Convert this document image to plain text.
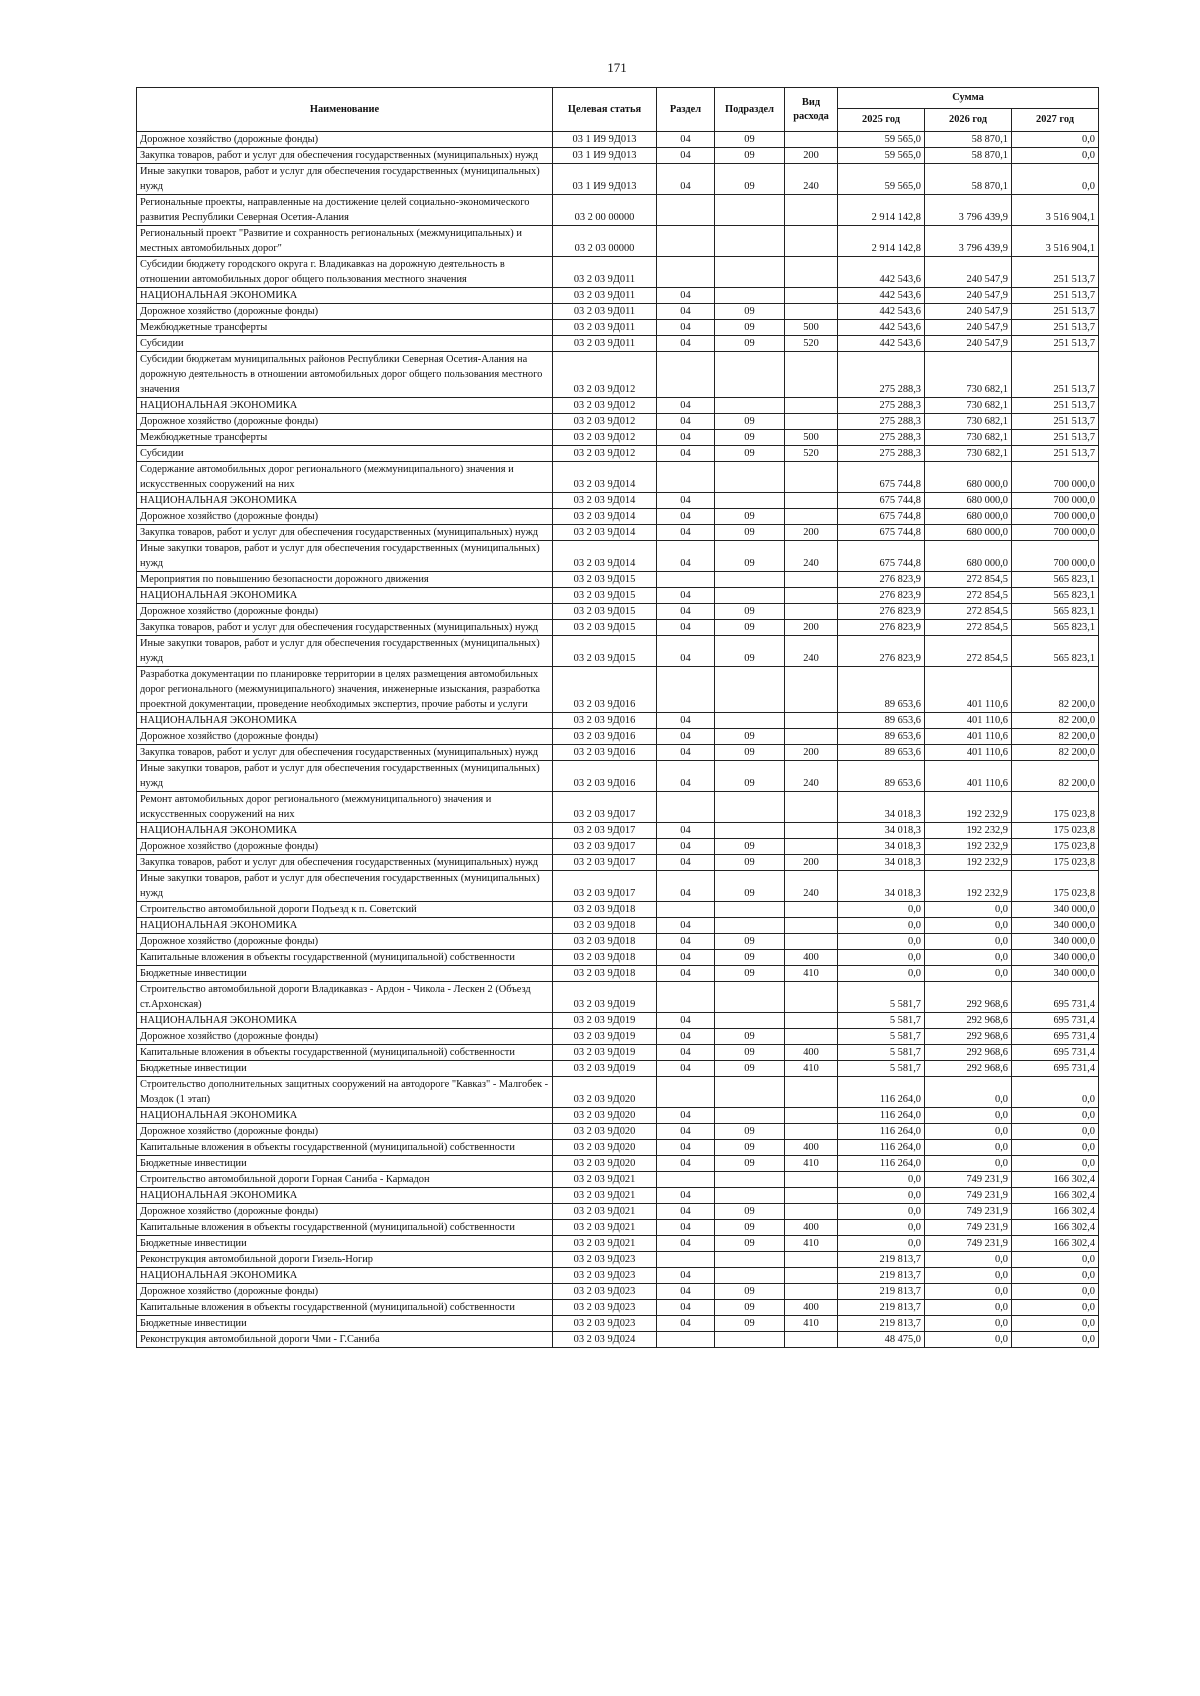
171
Наименование	Целевая статья	Раздел	Подраздел	Вид расхода	Сумма		
					2025 год	2026 год	2027 год
Дорожное хозяйство (дорожные фонды)	03 1 И9 9Д013	04	09		59 565,0	58 870,1	0,0
Закупка товаров, работ и услуг для обеспечения государственных (муниципальных) нужд	03 1 И9 9Д013	04	09	200	59 565,0	58 870,1	0,0
Иные закупки товаров, работ и услуг для обеспечения государственных (муниципальных) нужд	03 1 И9 9Д013	04	09	240	59 565,0	58 870,1	0,0
Региональные проекты, направленные на достижение целей социально-экономического развития Республики Северная Осетия-Алания	03 2 00 00000				2 914 142,8	3 796 439,9	3 516 904,1
Региональный проект "Развитие и сохранность региональных (межмуниципальных) и местных автомобильных дорог"	03 2 03 00000				2 914 142,8	3 796 439,9	3 516 904,1
Субсидии бюджету городского округа г. Владикавказ на дорожную деятельность в отношении автомобильных дорог общего пользования местного значения	03 2 03 9Д011				442 543,6	240 547,9	251 513,7
НАЦИОНАЛЬНАЯ ЭКОНОМИКА	03 2 03 9Д011	04			442 543,6	240 547,9	251 513,7
Дорожное хозяйство (дорожные фонды)	03 2 03 9Д011	04	09		442 543,6	240 547,9	251 513,7
Межбюджетные трансферты	03 2 03 9Д011	04	09	500	442 543,6	240 547,9	251 513,7
Субсидии	03 2 03 9Д011	04	09	520	442 543,6	240 547,9	251 513,7
Субсидии бюджетам муниципальных районов Республики Северная Осетия-Алания на дорожную деятельность в отношении автомобильных дорог общего пользования местного значения	03 2 03 9Д012				275 288,3	730 682,1	251 513,7
НАЦИОНАЛЬНАЯ ЭКОНОМИКА	03 2 03 9Д012	04			275 288,3	730 682,1	251 513,7
Дорожное хозяйство (дорожные фонды)	03 2 03 9Д012	04	09		275 288,3	730 682,1	251 513,7
Межбюджетные трансферты	03 2 03 9Д012	04	09	500	275 288,3	730 682,1	251 513,7
Субсидии	03 2 03 9Д012	04	09	520	275 288,3	730 682,1	251 513,7
Содержание автомобильных дорог регионального (межмуниципального) значения и искусственных сооружений на них	03 2 03 9Д014				675 744,8	680 000,0	700 000,0
НАЦИОНАЛЬНАЯ ЭКОНОМИКА	03 2 03 9Д014	04			675 744,8	680 000,0	700 000,0
Дорожное хозяйство (дорожные фонды)	03 2 03 9Д014	04	09		675 744,8	680 000,0	700 000,0
Закупка товаров, работ и услуг для обеспечения государственных (муниципальных) нужд	03 2 03 9Д014	04	09	200	675 744,8	680 000,0	700 000,0
Иные закупки товаров, работ и услуг для обеспечения государственных (муниципальных) нужд	03 2 03 9Д014	04	09	240	675 744,8	680 000,0	700 000,0
Мероприятия по повышению безопасности дорожного движения	03 2 03 9Д015				276 823,9	272 854,5	565 823,1
НАЦИОНАЛЬНАЯ ЭКОНОМИКА	03 2 03 9Д015	04			276 823,9	272 854,5	565 823,1
Дорожное хозяйство (дорожные фонды)	03 2 03 9Д015	04	09		276 823,9	272 854,5	565 823,1
Закупка товаров, работ и услуг для обеспечения государственных (муниципальных) нужд	03 2 03 9Д015	04	09	200	276 823,9	272 854,5	565 823,1
Иные закупки товаров, работ и услуг для обеспечения государственных (муниципальных) нужд	03 2 03 9Д015	04	09	240	276 823,9	272 854,5	565 823,1
Разработка документации по планировке территории в целях размещения автомобильных дорог регионального (межмуниципального) значения, инженерные изыскания, разработка проектной документации, проведение необходимых экспертиз, прочие работы и услуги	03 2 03 9Д016				89 653,6	401 110,6	82 200,0
НАЦИОНАЛЬНАЯ ЭКОНОМИКА	03 2 03 9Д016	04			89 653,6	401 110,6	82 200,0
Дорожное хозяйство (дорожные фонды)	03 2 03 9Д016	04	09		89 653,6	401 110,6	82 200,0
Закупка товаров, работ и услуг для обеспечения государственных (муниципальных) нужд	03 2 03 9Д016	04	09	200	89 653,6	401 110,6	82 200,0
Иные закупки товаров, работ и услуг для обеспечения государственных (муниципальных) нужд	03 2 03 9Д016	04	09	240	89 653,6	401 110,6	82 200,0
Ремонт автомобильных дорог регионального (межмуниципального) значения и искусственных сооружений на них	03 2 03 9Д017				34 018,3	192 232,9	175 023,8
НАЦИОНАЛЬНАЯ ЭКОНОМИКА	03 2 03 9Д017	04			34 018,3	192 232,9	175 023,8
Дорожное хозяйство (дорожные фонды)	03 2 03 9Д017	04	09		34 018,3	192 232,9	175 023,8
Закупка товаров, работ и услуг для обеспечения государственных (муниципальных) нужд	03 2 03 9Д017	04	09	200	34 018,3	192 232,9	175 023,8
Иные закупки товаров, работ и услуг для обеспечения государственных (муниципальных) нужд	03 2 03 9Д017	04	09	240	34 018,3	192 232,9	175 023,8
Строительство автомобильной дороги Подъезд к п. Советский	03 2 03 9Д018				0,0	0,0	340 000,0
НАЦИОНАЛЬНАЯ ЭКОНОМИКА	03 2 03 9Д018	04			0,0	0,0	340 000,0
Дорожное хозяйство (дорожные фонды)	03 2 03 9Д018	04	09		0,0	0,0	340 000,0
Капитальные вложения в объекты государственной (муниципальной) собственности	03 2 03 9Д018	04	09	400	0,0	0,0	340 000,0
Бюджетные инвестиции	03 2 03 9Д018	04	09	410	0,0	0,0	340 000,0
Строительство автомобильной дороги Владикавказ - Ардон - Чикола - Лескен 2 (Объезд ст.Архонская)	03 2 03 9Д019				5 581,7	292 968,6	695 731,4
НАЦИОНАЛЬНАЯ ЭКОНОМИКА	03 2 03 9Д019	04			5 581,7	292 968,6	695 731,4
Дорожное хозяйство (дорожные фонды)	03 2 03 9Д019	04	09		5 581,7	292 968,6	695 731,4
Капитальные вложения в объекты государственной (муниципальной) собственности	03 2 03 9Д019	04	09	400	5 581,7	292 968,6	695 731,4
Бюджетные инвестиции	03 2 03 9Д019	04	09	410	5 581,7	292 968,6	695 731,4
Строительство дополнительных защитных сооружений на автодороге "Кавказ" - Малгобек - Моздок (1 этап)	03 2 03 9Д020				116 264,0	0,0	0,0
НАЦИОНАЛЬНАЯ ЭКОНОМИКА	03 2 03 9Д020	04			116 264,0	0,0	0,0
Дорожное хозяйство (дорожные фонды)	03 2 03 9Д020	04	09		116 264,0	0,0	0,0
Капитальные вложения в объекты государственной (муниципальной) собственности	03 2 03 9Д020	04	09	400	116 264,0	0,0	0,0
Бюджетные инвестиции	03 2 03 9Д020	04	09	410	116 264,0	0,0	0,0
Строительство автомобильной дороги Горная Саниба - Кармадон	03 2 03 9Д021				0,0	749 231,9	166 302,4
НАЦИОНАЛЬНАЯ ЭКОНОМИКА	03 2 03 9Д021	04			0,0	749 231,9	166 302,4
Дорожное хозяйство (дорожные фонды)	03 2 03 9Д021	04	09		0,0	749 231,9	166 302,4
Капитальные вложения в объекты государственной (муниципальной) собственности	03 2 03 9Д021	04	09	400	0,0	749 231,9	166 302,4
Бюджетные инвестиции	03 2 03 9Д021	04	09	410	0,0	749 231,9	166 302,4
Реконструкция автомобильной дороги Гизель-Ногир	03 2 03 9Д023				219 813,7	0,0	0,0
НАЦИОНАЛЬНАЯ ЭКОНОМИКА	03 2 03 9Д023	04			219 813,7	0,0	0,0
Дорожное хозяйство (дорожные фонды)	03 2 03 9Д023	04	09		219 813,7	0,0	0,0
Капитальные вложения в объекты государственной (муниципальной) собственности	03 2 03 9Д023	04	09	400	219 813,7	0,0	0,0
Бюджетные инвестиции	03 2 03 9Д023	04	09	410	219 813,7	0,0	0,0
Реконструкция автомобильной дороги Чми - Г.Саниба	03 2 03 9Д024				48 475,0	0,0	0,0
